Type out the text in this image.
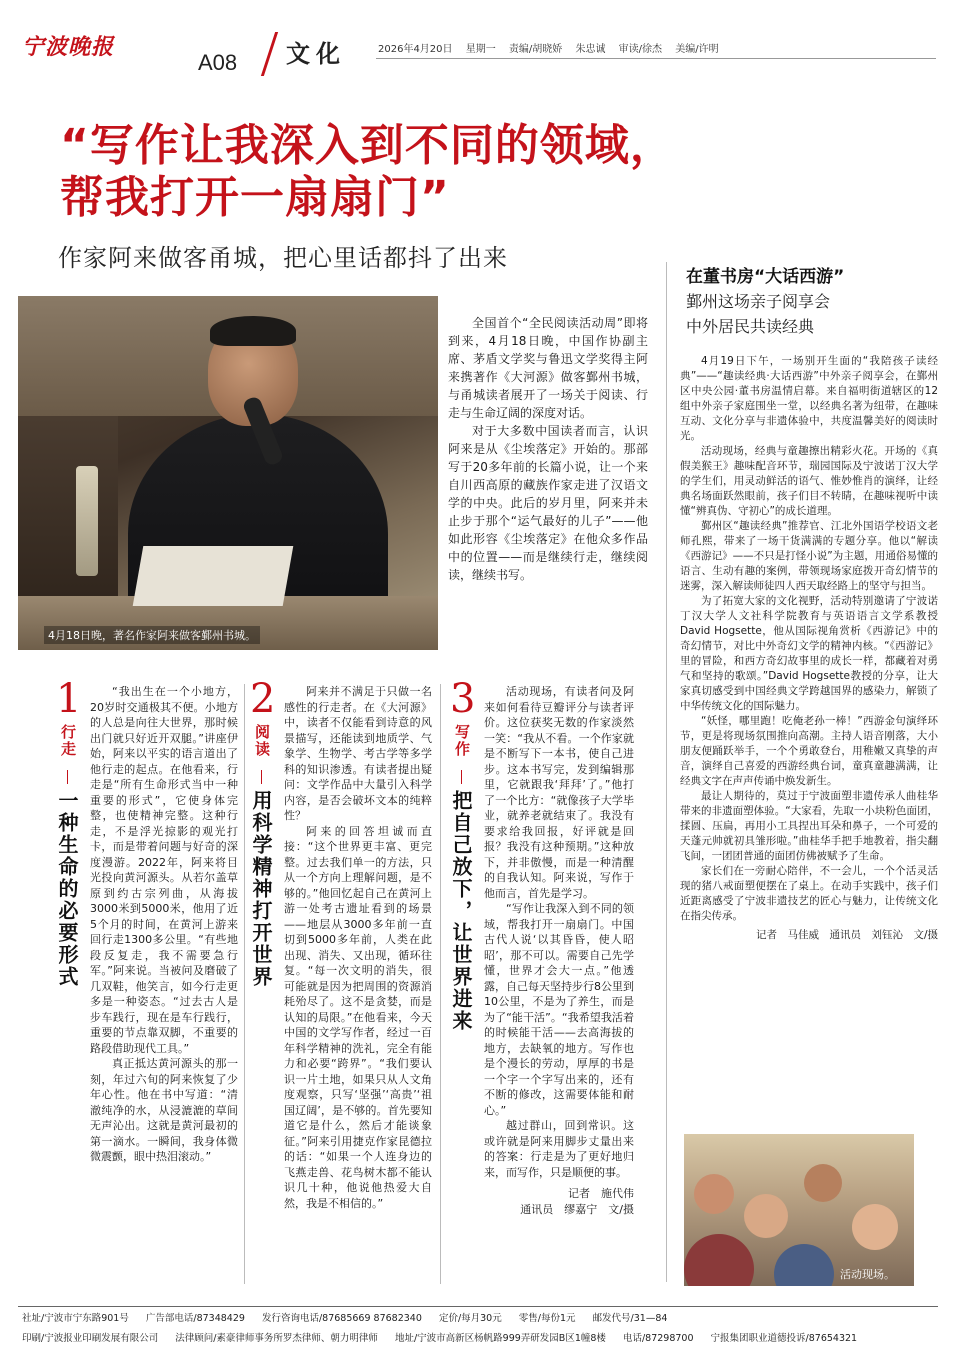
宁波晚报
A08 文化	2026年4月20日 星期一 责编/胡晓娇 朱忠诚 审读/徐杰 美编/许明
“写作让我深入到不同的领域，
帮我打开一扇扇门”
作家阿来做客甬城，把心里话都抖了出来
4月18日晚，著名作家阿来做客鄞州书城。

全国首个“全民阅读活动周”即将到来，4月18日晚，中国作协副主席、茅盾文学奖与鲁迅文学奖得主阿来携著作《大河源》做客鄞州书城，与甬城读者展开了一场关于阅读、行走与生命辽阔的深度对话。

对于大多数中国读者而言，认识阿来是从《尘埃落定》开始的。那部写于20多年前的长篇小说，让一个来自川西高原的藏族作家走进了汉语文学的中央。此后的岁月里，阿来并未止步于那个“运气最好的儿子”——他如此形容《尘埃落定》在他众多作品中的位置——而是继续行走，继续阅读，继续书写。

1
行走
一种生命的必要形式

“我出生在一个小地方，20岁时交通极其不便。小地方的人总是向往大世界，那时候出门就只好近开双腿。”讲座伊始，阿来以平实的语言道出了他行走的起点。在他看来，行走是“所有生命形式当中一种重要的形式”，它使身体完整，也使精神完整。这种行走，不是浮光掠影的观光打卡，而是带着问题与好奇的深度漫游。2022年，阿来将目光投向黄河源头。从若尔盖草原到约古宗列曲，从海拔3000米到5000米，他用了近5个月的时间，在黄河上游来回行走1300多公里。“有些地段反复走，我不需要急行军。”阿来说。当被问及磨破了几双鞋，他笑言，如今行走更多是一种姿态。“过去古人是步车践行，现在是车行践行，重要的节点靠双脚，不重要的路段借助现代工具。”

真正抵达黄河源头的那一刻，年过六旬的阿来恢复了少年心性。他在书中写道：“清澈纯净的水，从浸漉漉的草间无声沁出。这就是黄河最初的第一滴水。一瞬间，我身体微微震颤，眼中热泪滚动。”

2
阅读
用科学精神打开世界

阿来并不满足于只做一名感性的行走者。在《大河源》中，读者不仅能看到诗意的风景描写，还能读到地质学、气象学、生物学、考古学等多学科的知识渗透。有读者提出疑问：文学作品中大量引入科学内容，是否会破坏文本的纯粹性？

阿来的回答坦诚而直接：“这个世界更丰富、更完整。过去我们单一的方法，只从一个方向上理解问题，是不够的。”他回忆起自己在黄河上游一处考古遗址看到的场景——地层从3000多年前一直切到5000多年前，人类在此出现、消失、又出现，循环往复。“每一次文明的消失，很可能就是因为把周围的资源消耗殆尽了。这不是贪婪，而是认知的局限。”在他看来，今天中国的文学写作者，经过一百年科学精神的洗礼，完全有能力和必要“跨界”。“我们要认识一片土地，如果只从人文角度观察，只写‘坚强’‘高贵’‘祖国辽阔’，是不够的。首先要知道它是什么，然后才能谈象征。”阿来引用捷克作家昆德拉的话：“如果一个人连身边的飞燕走兽、花鸟树木都不能认识几十种，他说他热爱大自然，我是不相信的。”

3
写作
把自己放下，让世界进来

活动现场，有读者问及阿来如何看待豆瓣评分与读者评价。这位获奖无数的作家淡然一笑：“我从不看。一个作家就是不断写下一本书，使自己进步。这本书写完，发到编辑那里，它就跟我‘拜拜’了。”他打了一个比方：“就像孩子大学毕业，就养老就结束了。我没有要求给我回报，好评就是回报？我没有这种预期。”这种放下，并非傲慢，而是一种清醒的自我认知。阿来说，写作于他而言，首先是学习。

“写作让我深入到不同的领域，帮我打开一扇扇门。中国古代人说‘以其昏昏，使人昭昭’，那不可以。需要自己先学懂，世界才会大一点。”他透露，自己每天坚持步行8公里到10公里，不是为了养生，而是为了“能干活”。“我希望我活着的时候能干活——去高海拔的地方，去缺氧的地方。写作也是个漫长的劳动，厚厚的书是一个字一个字写出来的，还有不断的修改，这需要体能和耐心。”

越过群山，回到常识。这或许就是阿来用脚步丈量出来的答案：行走是为了更好地归来，而写作，只是顺便的事。

记者　施代伟
通讯员　缪嘉宁　文/摄
在董书房“大话西游”
鄞州这场亲子阅享会
中外居民共读经典

4月19日下午，一场别开生面的“我陪孩子读经典”——“趣读经典·大话西游”中外亲子阅享会，在鄞州区中央公园·董书房温情启幕。来自福明街道辖区的12组中外亲子家庭围坐一堂，以经典名著为纽带，在趣味互动、文化分享与非遗体验中，共度温馨美好的阅读时光。

活动现场，经典与童趣擦出精彩火花。开场的《真假美猴王》趣味配音环节，瑞园国际及宁波诺丁汉大学的学生们，用灵动鲜活的语气、惟妙惟肖的演绎，让经典名场面跃然眼前，孩子们目不转睛，在趣味视听中读懂“辨真伪、守初心”的成长道理。

鄞州区“趣读经典”推荐官、江北外国语学校语文老师孔熙，带来了一场干货满满的专题分享。他以“解读《西游记》——不只是打怪小说”为主题，用通俗易懂的语言、生动有趣的案例，带领现场家庭拨开奇幻情节的迷雾，深入解读师徒四人西天取经路上的坚守与担当。

为了拓宽大家的文化视野，活动特别邀请了宁波诺丁汉大学人文社科学院教育与英语语言文学系教授David Hogsette，他从国际视角赏析《西游记》中的奇幻情节，对比中外奇幻文学的精神内核。“《西游记》里的冒险，和西方奇幻故事里的成长一样，都藏着对勇气和坚持的歌颂。”David Hogsette教授的分享，让大家真切感受到中国经典文学跨越国界的感染力，解锁了中华传统文化的国际魅力。

“妖怪，哪里跑！吃俺老孙一棒！”西游金句演绎环节，更是将现场氛围推向高潮。主持人语音刚落，大小朋友便踊跃举手，一个个勇敢登台，用稚嫩又真挚的声音，演绎自己喜爱的西游经典台词，童真童趣满满，让经典文字在声声传诵中焕发新生。

最让人期待的，莫过于宁波面塑非遗传承人曲桂华带来的非遗面塑体验。“大家看，先取一小块粉色面团，揉圆、压扁，再用小工具捏出耳朵和鼻子，一个可爱的天蓬元帅就初具雏形啦。”曲桂华手把手地教着，指尖翻飞间，一团团普通的面团仿佛被赋予了生命。

家长们在一旁耐心陪伴，不一会儿，一个个活灵活现的猪八戒面塑便摆在了桌上。在动手实践中，孩子们近距离感受了宁波非遗技艺的匠心与魅力，让传统文化在指尖传承。

记者　马佳威　通讯员　刘钰沁　文/摄
活动现场。
社址/宁波市宁东路901号 广告部电话/87348429 发行咨询电话/87685669 87682340 定价/每月30元 零售/每份1元 邮发代号/31—84
印刷/宁波报业印刷发展有限公司 法律顾问/素豪律师事务所罗杰律师、朝力明律师 地址/宁波市高新区杨帆路999弄研发园B区1幢8楼 电话/87298700 宁报集团职业道德投诉/87654321
